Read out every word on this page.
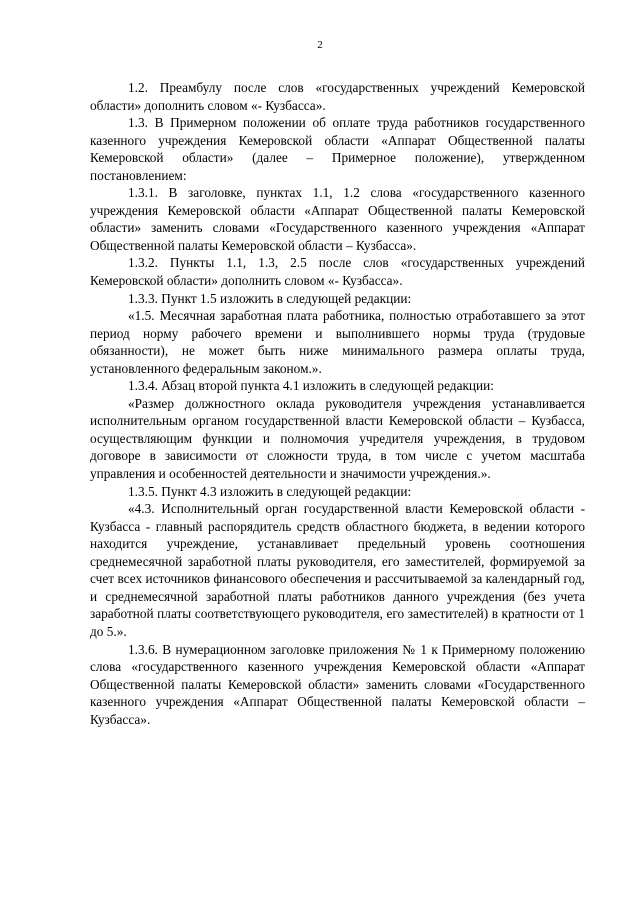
2

1.2. Преамбулу после слов «государственных учреждений Кемеровской области» дополнить словом «- Кузбасса».

1.3. В Примерном положении об оплате труда работников государственного казенного учреждения Кемеровской области «Аппарат Общественной палаты Кемеровской области» (далее – Примерное положение), утвержденном постановлением:

1.3.1. В заголовке, пунктах 1.1, 1.2 слова «государственного казенного учреждения Кемеровской области «Аппарат Общественной палаты Кемеровской области» заменить словами «Государственного казенного учреждения «Аппарат Общественной палаты Кемеровской области – Кузбасса».

1.3.2. Пункты 1.1, 1.3, 2.5 после слов «государственных учреждений Кемеровской области» дополнить словом «- Кузбасса».

1.3.3. Пункт 1.5 изложить в следующей редакции:

«1.5. Месячная заработная плата работника, полностью отработавшего за этот период норму рабочего времени и выполнившего нормы труда (трудовые обязанности), не может быть ниже минимального размера оплаты труда, установленного федеральным законом.».

1.3.4. Абзац второй пункта 4.1 изложить в следующей редакции:

«Размер должностного оклада руководителя учреждения устанавливается исполнительным органом государственной власти Кемеровской области – Кузбасса, осуществляющим функции и полномочия учредителя учреждения, в трудовом договоре в зависимости от сложности труда, в том числе с учетом масштаба управления и особенностей деятельности и значимости учреждения.».

1.3.5. Пункт 4.3 изложить в следующей редакции:

«4.3. Исполнительный орган государственной власти Кемеровской области - Кузбасса - главный распорядитель средств областного бюджета, в ведении которого находится учреждение, устанавливает предельный уровень соотношения среднемесячной заработной платы руководителя, его заместителей, формируемой за счет всех источников финансового обеспечения и рассчитываемой за календарный год, и среднемесячной заработной платы работников данного учреждения (без учета заработной платы соответствующего руководителя, его заместителей) в кратности от 1 до 5.».

1.3.6. В нумерационном заголовке приложения № 1 к Примерному положению слова «государственного казенного учреждения Кемеровской области «Аппарат Общественной палаты Кемеровской области» заменить словами «Государственного казенного учреждения «Аппарат Общественной палаты Кемеровской области – Кузбасса».
